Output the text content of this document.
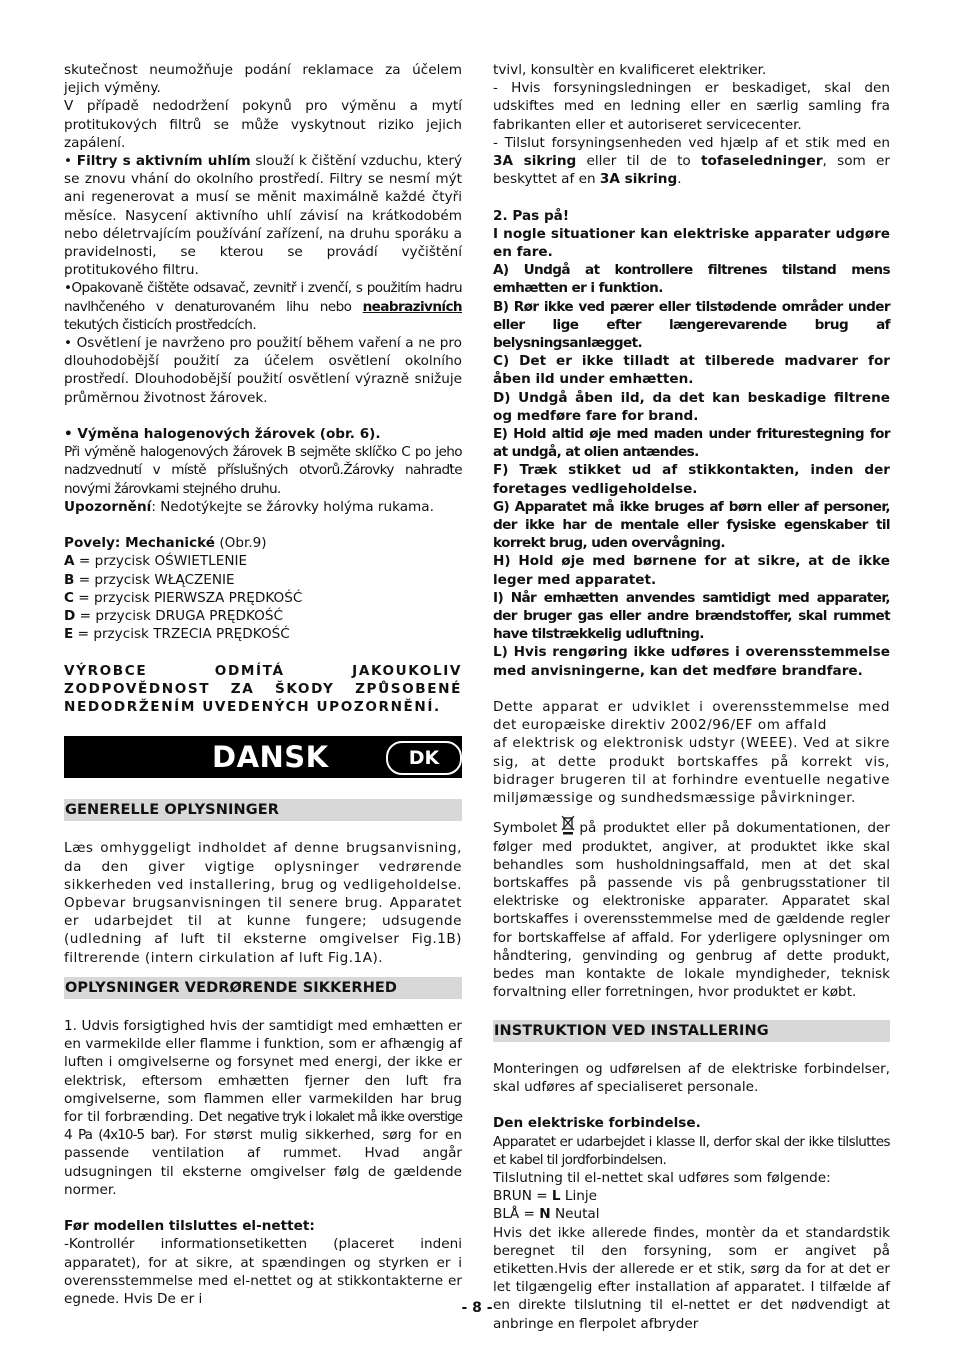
skutečnost neumožňuje podání reklamace za účelem jejich výměny.

V případě nedodržení pokynů pro výměnu a mytí protitukových filtrů se může vyskytnout riziko jejich zapálení.

• Filtry s aktivním uhlím slouží k čištění vzduchu, který se znovu vhání do okolního prostředí. Filtry se nesmí mýt ani regenerovat a musí se měnit maximálně každé čtyři měsíce. Nasycení aktivního uhlí závisí na krátkodobém nebo déletrvajícím používání zařízení, na druhu sporáku a pravidelnosti, se kterou se provádí vyčištění protitukového filtru.

•Opakovaně čištěte odsavač, zevnitř i zvenčí, s použitím hadru navlhčeného v denaturovaném lihu nebo neabrazivních tekutých čisticích prostředcích.

• Osvětlení je navrženo pro použití během vaření a ne pro dlouhodobější použití za účelem osvětlení okolního prostředí. Dlouhodobější použití osvětlení výrazně snižuje průměrnou životnost žárovek.

• Výměna halogenových žárovek (obr. 6).

Při výměně halogenových žárovek B sejměte sklíčko C po jeho nadzvednutí v místě příslušných otvorů.Žárovky nahraďte novými žárovkami stejného druhu.

Upozornění: Nedotýkejte se žárovky holýma rukama.

Povely: Mechanické (Obr.9)

A = przycisk OŚWIETLENIE

B = przycisk WŁĄCZENIE

C = przycisk PIERWSZA PRĘDKOŚĆ

D = przycisk DRUGA PRĘDKOŚĆ

E = przycisk TRZECIA PRĘDKOŚĆ

VÝROBCE ODMÍTÁ JAKOUKOLIV ZODPOVĚDNOST ZA ŠKODY ZPŮSOBENÉ NEDODRŽENÍM UVEDENÝCH UPOZORNĚNÍ.

DANSK	DK
GENERELLE OPLYSNINGER

Læs omhyggeligt indholdet af denne brugsanvisning, da den giver vigtige oplysninger vedrørende sikkerheden ved installering, brug og vedligeholdelse. Opbevar brugsanvisningen til senere brug. Apparatet er udarbejdet til at kunne fungere; udsugende (udledning af luft til eksterne omgivelser Fig.1B) filtrerende (intern cirkulation af luft Fig.1A).

OPLYSNINGER VEDRØRENDE SIKKERHED

1. Udvis forsigtighed hvis der samtidigt med emhætten er en varmekilde eller flamme i funktion, som er afhængig af luften i omgivelserne og forsynet med energi, der ikke er elektrisk, eftersom emhætten fjerner den luft fra omgivelserne, som flammen eller varmekilden har brug for til forbrænding. Det negative tryk i lokalet må ikke overstige 4 Pa (4x10-5 bar). For størst mulig sikkerhed, sørg for en passende ventilation af rummet. Hvad angår udsugningen til eksterne omgivelser følg de gældende normer.

Før modellen tilsluttes el-nettet:

-Kontrollér informationsetiketten (placeret indeni apparatet), for at sikre, at spændingen og styrken er i overensstemmelse med el-nettet og at stikkontakterne er egnede. Hvis De er i

tvivl, konsultèr en kvalificeret elektriker.

- Hvis forsyningsledningen er beskadiget, skal den udskiftes med en ledning eller en særlig samling fra fabrikanten eller et autoriseret servicecenter.

- Tilslut forsyningsenheden ved hjælp af et stik med en 3A sikring eller til de to tofaseledninger, som er beskyttet af en 3A sikring.

2. Pas på!

I nogle situationer kan elektriske apparater udgøre en fare.

A) Undgå at kontrollere filtrenes tilstand mens emhætten er i funktion.

B) Rør ikke ved pærer eller tilstødende områder under eller lige efter længerevarende brug af belysningsanlægget.

C) Det er ikke tilladt at tilberede madvarer for åben ild under emhætten.

D) Undgå åben ild, da det kan beskadige filtrene og medføre fare for brand.

E) Hold altid øje med maden under friturestegning for at undgå, at olien antændes.

F) Træk stikket ud af stikkontakten, inden der foretages vedligeholdelse.

G) Apparatet må ikke bruges af børn eller af personer, der ikke har de mentale eller fysiske egenskaber til korrekt brug, uden overvågning.

H) Hold øje med børnene for at sikre, at de ikke leger med apparatet.

I) Når emhætten anvendes samtidigt med apparater, der bruger gas eller andre brændstoffer, skal rummet have tilstrækkelig udluftning.

L) Hvis rengøring ikke udføres i overensstemmelse med anvisningerne, kan det medføre brandfare.

Dette apparat er udviklet i overensstemmelse med det europæiske direktiv 2002/96/EF om affald

af elektrisk og elektronisk udstyr (WEEE). Ved at sikre sig, at dette produkt bortskaffes på korrekt vis, bidrager brugeren til at forhindre eventuelle negative miljømæssige og sundhedsmæssige påvirkninger.

Symbolet på produktet eller på dokumentationen, der følger med produktet, angiver, at produktet ikke skal behandles som husholdningsaffald, men at det skal bortskaffes på passende vis på genbrugsstationer til elektriske og elektroniske apparater. Apparatet skal bortskaffes i overensstemmelse med de gældende regler for bortskaffelse af affald. For yderligere oplysninger om håndtering, genvinding og genbrug af dette produkt, bedes man kontakte de lokale myndigheder, teknisk forvaltning eller forretningen, hvor produktet er købt.

INSTRUKTION VED INSTALLERING

Monteringen og udførelsen af de elektriske forbindelser, skal udføres af specialiseret personale.

Den elektriske forbindelse.

Apparatet er udarbejdet i klasse II, derfor skal der ikke tilsluttes et kabel til jordforbindelsen.

Tilslutning til el-nettet skal udføres som følgende:

BRUN = L Linje

BLÅ = N Neutal

Hvis det ikke allerede findes, montèr da et standardstik beregnet til den forsyning, som er angivet på etiketten.Hvis der allerede er et stik, sørg da for at det er let tilgængelig efter installation af apparatet. I tilfælde af en direkte tilslutning til el-nettet er det nødvendigt at anbringe en flerpolet afbryder

- 8 -
